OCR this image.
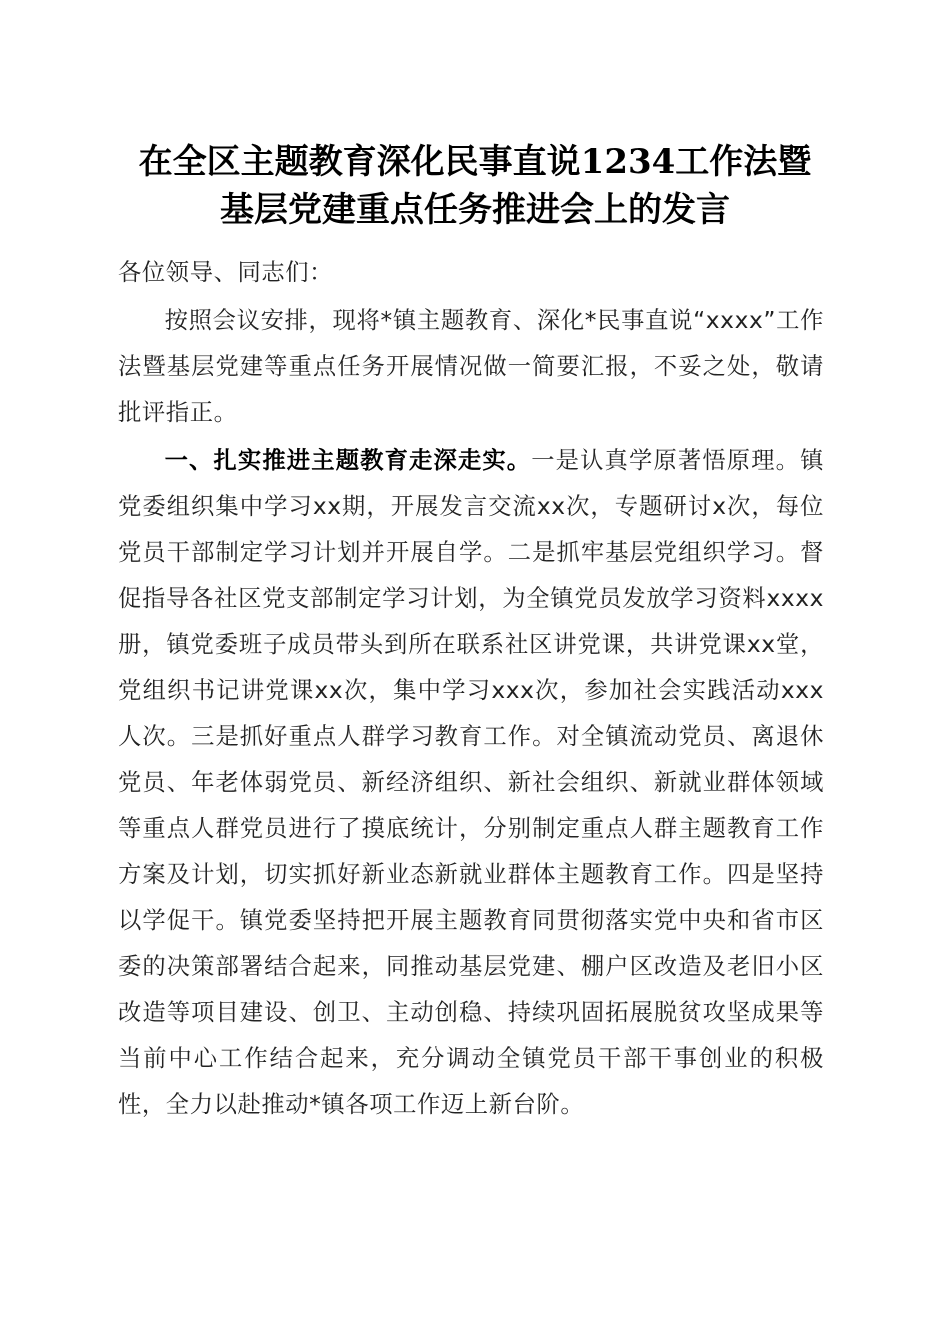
在全区主题教育深化民事直说1234工作法暨
基层党建重点任务推进会上的发言

各位领导、同志们：

按照会议安排，现将*镇主题教育、深化*民事直说“xxxx”工作法暨基层党建等重点任务开展情况做一简要汇报，不妥之处，敬请批评指正。

一、扎实推进主题教育走深走实。一是认真学原著悟原理。镇党委组织集中学习xx期，开展发言交流xx次，专题研讨x次，每位党员干部制定学习计划并开展自学。二是抓牢基层党组织学习。督促指导各社区党支部制定学习计划，为全镇党员发放学习资料xxxx册，镇党委班子成员带头到所在联系社区讲党课，共讲党课xx堂，党组织书记讲党课xx次，集中学习xxx次，参加社会实践活动xxx人次。三是抓好重点人群学习教育工作。对全镇流动党员、离退休党员、年老体弱党员、新经济组织、新社会组织、新就业群体领域等重点人群党员进行了摸底统计，分别制定重点人群主题教育工作方案及计划，切实抓好新业态新就业群体主题教育工作。四是坚持以学促干。镇党委坚持把开展主题教育同贯彻落实党中央和省市区委的决策部署结合起来，同推动基层党建、棚户区改造及老旧小区改造等项目建设、创卫、主动创稳、持续巩固拓展脱贫攻坚成果等当前中心工作结合起来，充分调动全镇党员干部干事创业的积极性，全力以赴推动*镇各项工作迈上新台阶。
